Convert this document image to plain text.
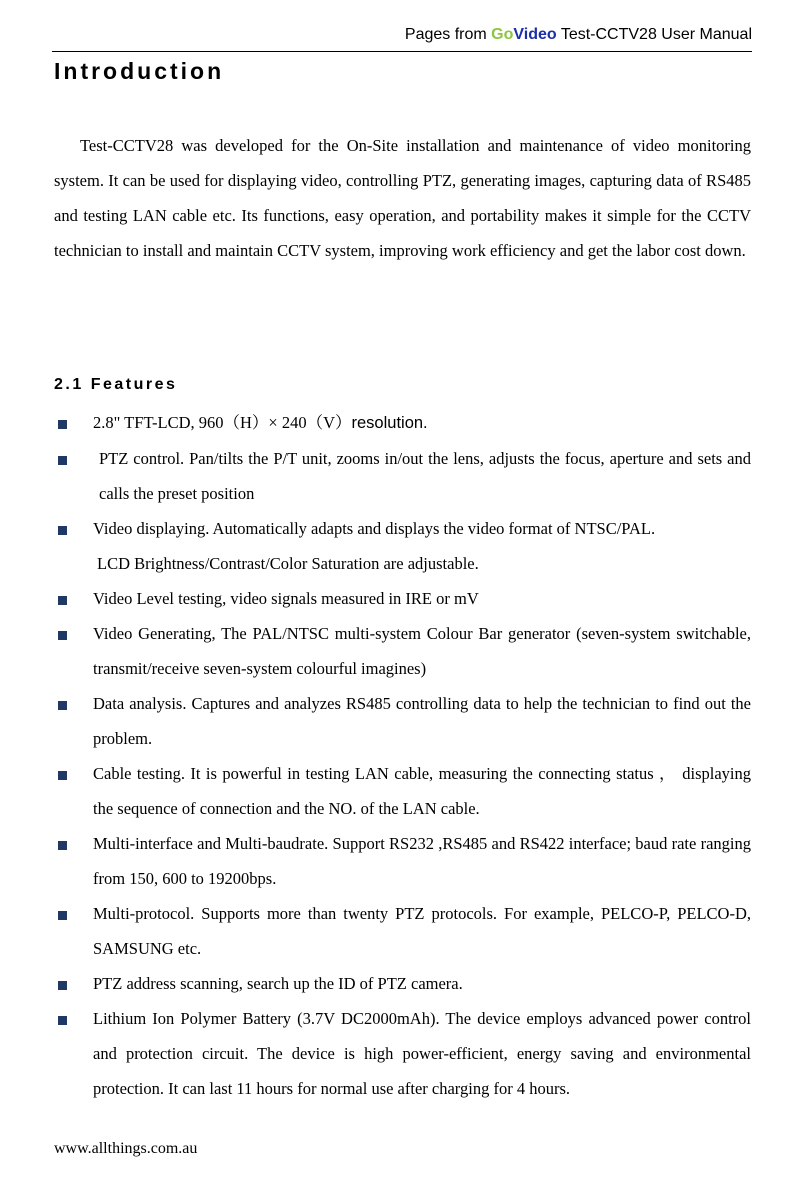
Pages from GoVideo Test-CCTV28 User Manual
Introduction

Test-CCTV28 was developed for the On-Site installation and maintenance of video monitoring system. It can be used for displaying video, controlling PTZ, generating images, capturing data of RS485 and testing LAN cable etc. Its functions, easy operation, and portability makes it simple for the CCTV technician to install and maintain CCTV system, improving work efficiency and get the labor cost down.

2.1 Features
2.8" TFT-LCD, 960（H）× 240（V）resolution.
PTZ control. Pan/tilts the P/T unit, zooms in/out the lens, adjusts the focus, aperture and sets and calls the preset position
Video displaying. Automatically adapts and displays the video format of NTSC/PAL.
LCD Brightness/Contrast/Color Saturation are adjustable.
Video Level testing, video signals measured in IRE or mV
Video Generating, The PAL/NTSC multi-system Colour Bar generator (seven-system switchable, transmit/receive seven-system colourful imagines)
Data analysis. Captures and analyzes RS485 controlling data to help the technician to find out the problem.
Cable testing. It is powerful in testing LAN cable, measuring the connecting status ， displaying the sequence of connection and the NO. of the LAN cable.
Multi-interface and Multi-baudrate. Support RS232 ,RS485 and RS422 interface; baud rate ranging from 150, 600 to 19200bps.
Multi-protocol. Supports more than twenty PTZ protocols. For example, PELCO-P, PELCO-D, SAMSUNG etc.
PTZ address scanning, search up the ID of PTZ camera.
Lithium Ion Polymer Battery (3.7V DC2000mAh). The device employs advanced power control and protection circuit. The device is high power-efficient, energy saving and environmental protection. It can last 11 hours for normal use after charging for 4 hours.
www.allthings.com.au
